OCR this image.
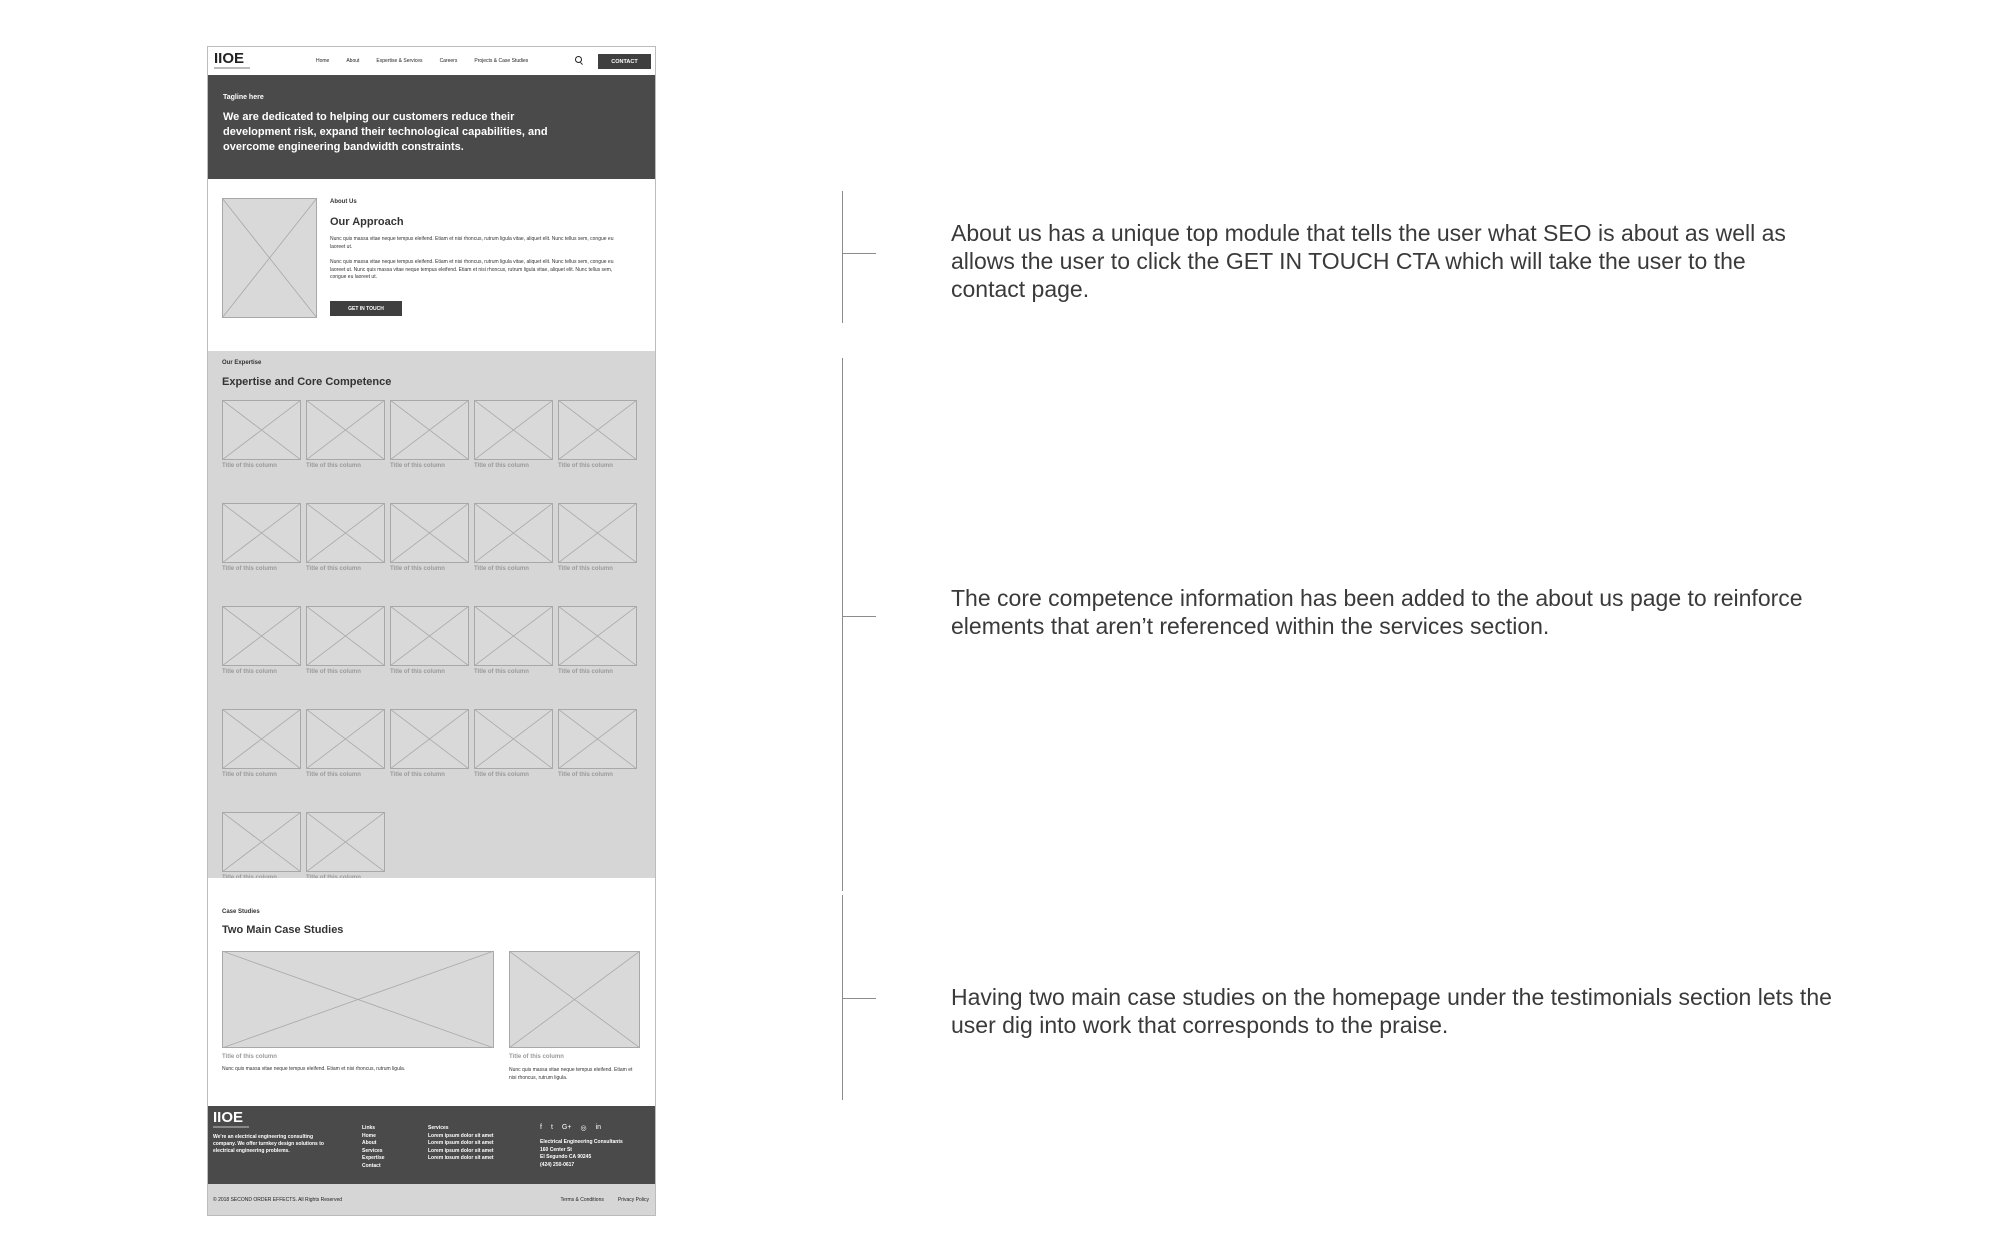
IIOE	Home	About	Expertise & Services	Careers	Projects & Case Studies	CONTACT
Tagline here
We are dedicated to helping our customers reduce their development risk, expand their technological capabilities, and overcome engineering bandwidth constraints.
About Us
Our Approach
Nunc quis massa vitae neque tempus eleifend. Etiam et nisi rhoncus, rutrum ligula vitae, aliquet elit. Nunc tellus sem, congue eu laoreet ut.
Nunc quis massa vitae neque tempus eleifend. Etiam et nisi rhoncus, rutrum ligula vitae, aliquet elit. Nunc tellus sem, congue eu laoreet ut. Nunc quis massa vitae neque tempus eleifend. Etiam et nisi rhoncus, rutrum ligula vitae, aliquet elit. Nunc tellus sem, congue eu laoreet ut.
GET IN TOUCH
Our Expertise
Expertise and Core Competence
Title of this column	Title of this column	Title of this column	Title of this column	Title of this column
Title of this column	Title of this column	Title of this column	Title of this column	Title of this column
Title of this column	Title of this column	Title of this column	Title of this column	Title of this column
Title of this column	Title of this column	Title of this column	Title of this column	Title of this column
Case Studies
Two Main Case Studies
Title of this column	Title of this column
Nunc quis massa vitae neque tempus eleifend. Etiam et nisi rhoncus, rutrum ligula.	Nunc quis massa vitae neque tempus eleifend. Etiam et nisi rhoncus, rutrum ligula.
IIOE
We're an electrical engineering consulting company. We offer turnkey design solutions to electrical engineering problems.
Links
Home
About
Services
Expertise
Contact
Services
Lorem ipsum dolor sit amet
Lorem ipsum dolor sit amet
Lorem ipsum dolor sit amet
Lorem ipsum dolor sit amet
f t G+ ◎ in
Electrical Engineering Consultants
160 Center St
El Segundo CA 90245
(424) 250-0617
© 2018 SECOND ORDER EFFECTS. All Rights Reserved	Terms & Conditions	Privacy Policy
About us has a unique top module that tells the user what SEO is about as well as allows the user to click the GET IN TOUCH CTA which will take the user to the contact page.
The core competence information has been added to the about us page to reinforce elements that aren’t referenced within the services section.
Having two main case studies on the homepage under the testimonials section lets the user dig into work that corresponds to the praise.
